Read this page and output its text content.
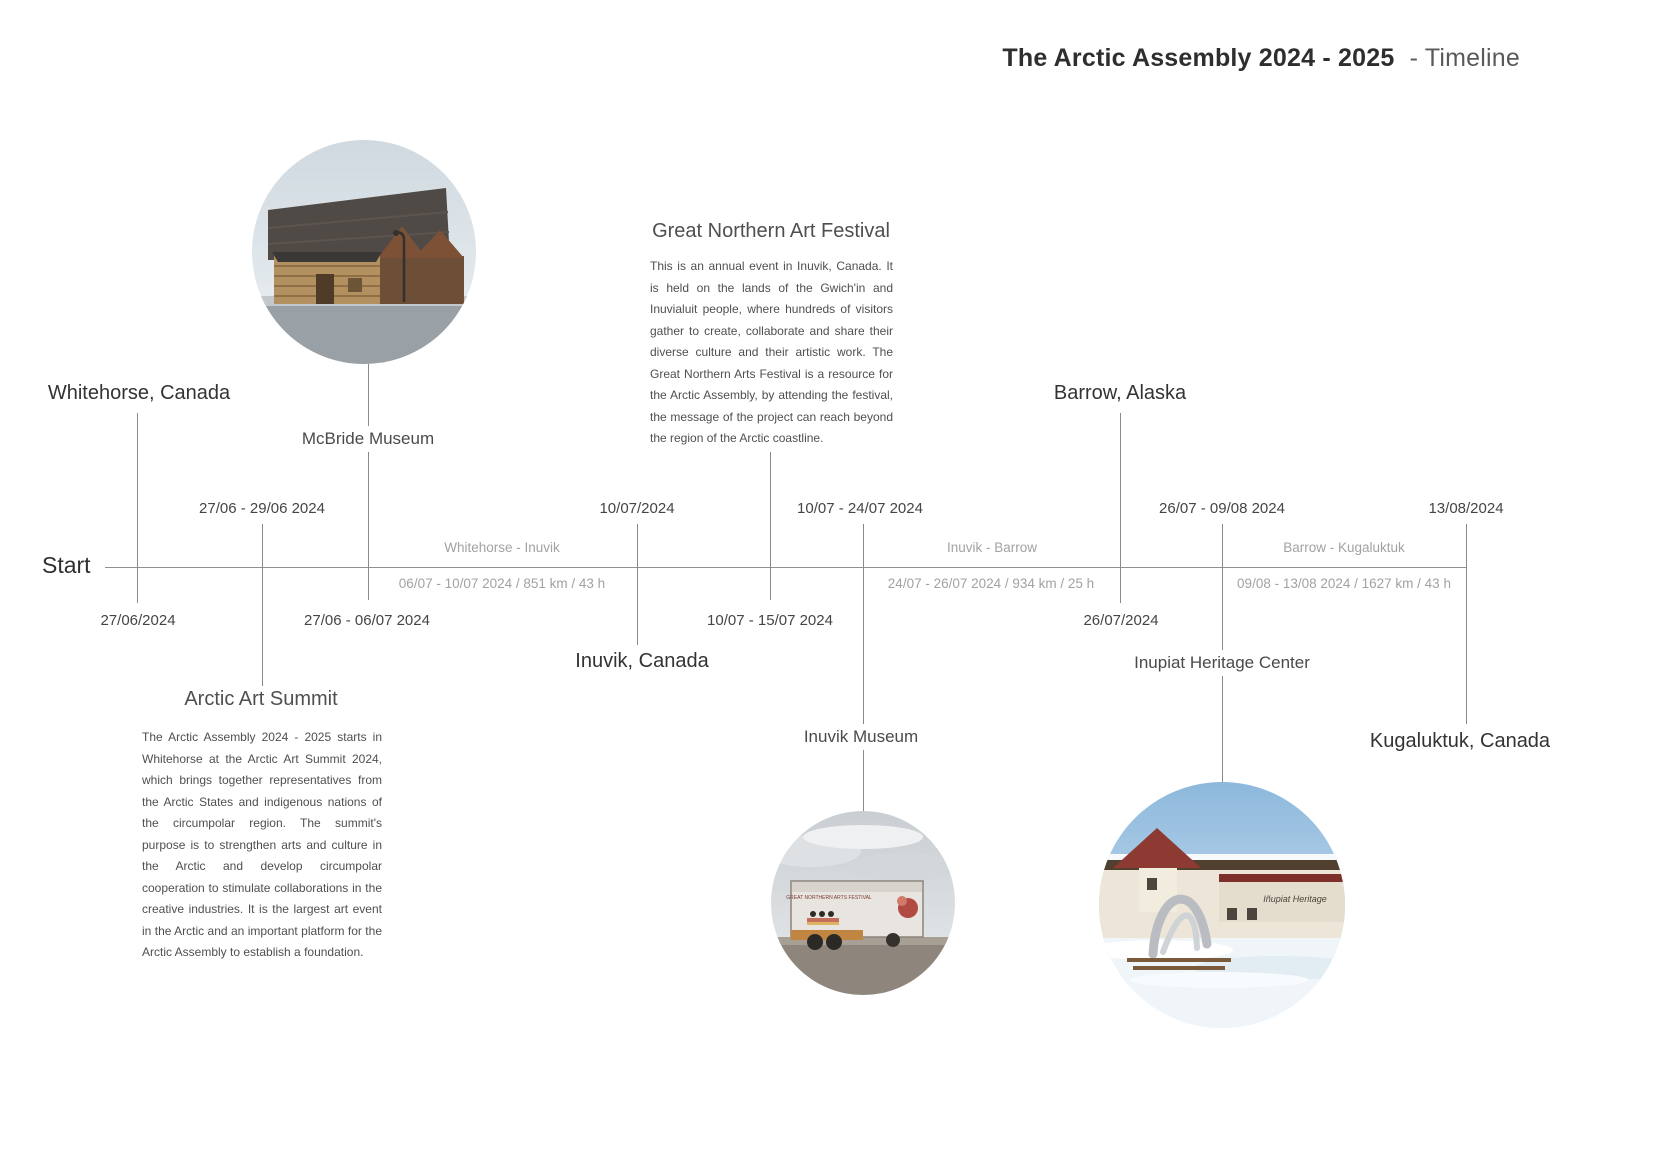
The Arctic Assembly 2024 - 2025 - Timeline
Start
Whitehorse, Canada
27/06/2024
27/06 - 29/06 2024
Arctic Art Summit
The Arctic Assembly 2024 - 2025 starts in Whitehorse at the Arctic Art Summit 2024, which brings together representatives from the Arctic States and indigenous nations of the circumpolar region. The summit's purpose is to strengthen arts and culture in the Arctic and develop circumpolar cooperation to stimulate collaborations in the creative industries. It is the largest art event in the Arctic and an important platform for the Arctic Assembly to establish a foundation.
McBride Museum
27/06 - 06/07 2024
Whitehorse - Inuvik
06/07 - 10/07 2024 / 851 km / 43 h
10/07/2024
Inuvik, Canada
Great Northern Art Festival
This is an annual event in Inuvik, Canada. It is held on the lands of the Gwich'in and Inuvialuit people, where hundreds of visitors gather to create, collaborate and share their diverse culture and their artistic work. The Great Northern Arts Festival is a resource for the Arctic Assembly, by attending the festival, the message of the project can reach beyond the region of the Arctic coastline.
10/07 - 15/07 2024
10/07 - 24/07 2024
Inuvik Museum
GREAT NORTHERN ARTS FESTIVAL
Inuvik - Barrow
24/07 - 26/07 2024 / 934 km / 25 h
Barrow, Alaska
26/07/2024
26/07 - 09/08 2024
Inupiat Heritage Center
Iñupiat Heritage
Barrow - Kugaluktuk
09/08 - 13/08 2024 / 1627 km / 43 h
13/08/2024
Kugaluktuk, Canada
